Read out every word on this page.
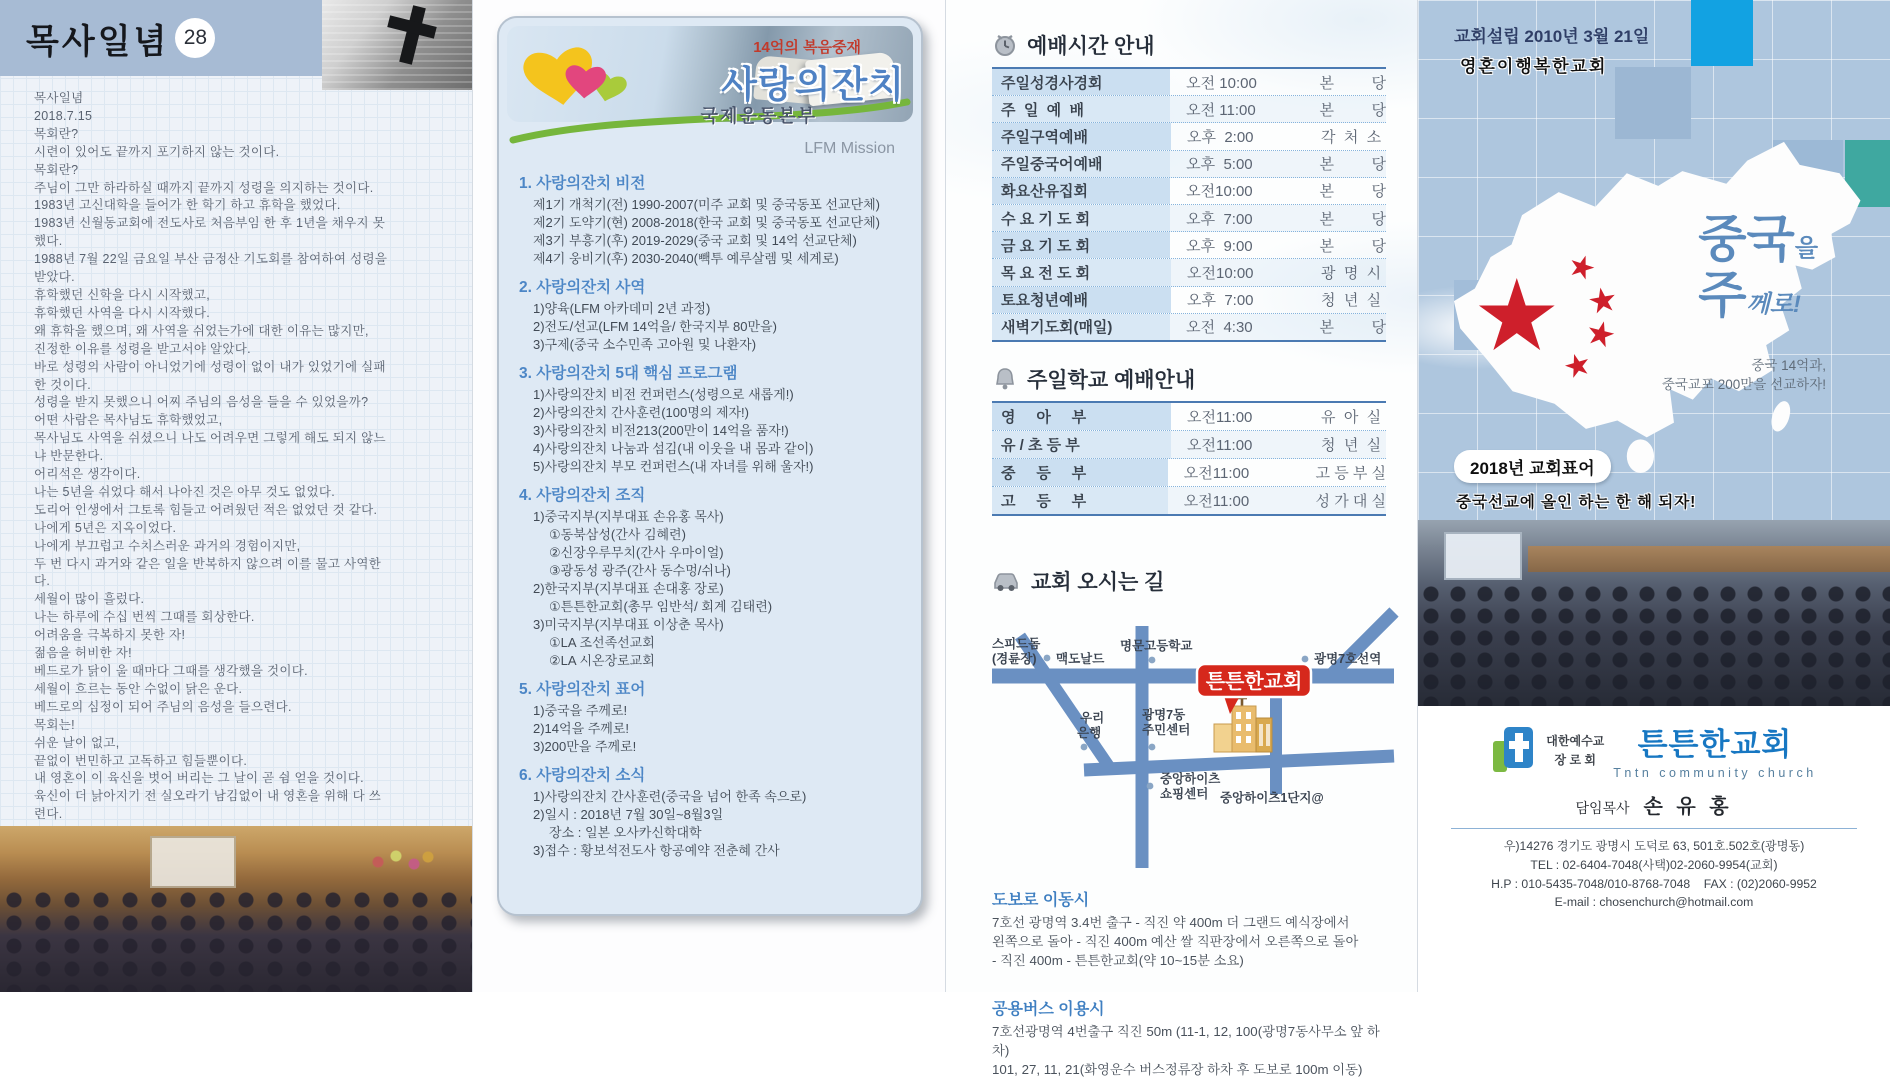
목사일념 28
목사일념
2018.7.15
목회란?
시련이 있어도 끝까지 포기하지 않는 것이다.
목회란?
주님이 그만 하라하실 때까지 끝까지 성령을 의지하는 것이다.
1983년 고신대학을 들어가 한 학기 하고 휴학을 했었다.
1983년 신월동교회에 전도사로 처음부임 한 후 1년을 채우지 못
했다.
1988년 7월 22일 금요일 부산 금정산 기도회를 참여하여 성령을
받았다.
휴학했던 신학을 다시 시작했고,
휴학했던 사역을 다시 시작했다.
왜 휴학을 했으며, 왜 사역을 쉬었는가에 대한 이유는 많지만,
진정한 이유를 성령을 받고서야 알았다.
바로 성령의 사람이 아니었기에 성령이 없이 내가 있었기에 실패
한 것이다.
성령을 받지 못했으니 어찌 주님의 음성을 들을 수 있었을까?
어떤 사람은 목사님도 휴학했었고,
목사님도 사역을 쉬셨으니 나도 어려우면 그렇게 해도 되지 않느
냐 반문한다.
어리석은 생각이다.
나는 5년을 쉬었다 해서 나아진 것은 아무 것도 없었다.
도리어 인생에서 그토록 힘들고 어려웠던 적은 없었던 것 같다.
나에게 5년은 지옥이었다.
나에게 부끄럽고 수치스러운 과거의 경험이지만,
두 번 다시 과거와 같은 일을 반복하지 않으려 이를 물고 사역한
다.
세월이 많이 흘렀다.
나는 하루에 수십 번씩 그때를 회상한다.
어려움을 극복하지 못한 자!
젊음을 허비한 자!
베드로가 닭이 울 때마다 그때를 생각했을 것이다.
세월이 흐르는 동안 수없이 닭은 운다.
베드로의 심정이 되어 주님의 음성을 들으련다.
목회는!
쉬운 날이 없고,
끝없이 번민하고 고독하고 힘들뿐이다.
내 영혼이 이 육신을 벗어 버리는 그 날이 곧 쉼 얻을 것이다.
육신이 더 낡아지기 전 실오라기 남김없이 내 영혼을 위해 다 쓰
련다.
14억의 복음중재
사랑의잔치
국제운동본부
LFM Mission
1. 사랑의잔치 비전
제1기 개척기(전) 1990-2007(미주 교회 및 중국동포 선교단체)
제2기 도약기(현) 2008-2018(한국 교회 및 중국동포 선교단체)
제3기 부흥기(후) 2019-2029(중국 교회 및 14억 선교단체)
제4기 웅비기(후) 2030-2040(빽투 예루살렘 및 세계로)
2. 사랑의잔치 사역
1)양육(LFM 아카데미 2년 과정)
2)전도/선교(LFM 14억을/ 한국지부 80만을)
3)구제(중국 소수민족 고아원 및 나환자)
3. 사랑의잔치 5대 핵심 프로그램
1)사랑의잔치 비전 컨퍼런스(성령으로 새롭게!)
2)사랑의잔치 간사훈련(100명의 제자!)
3)사랑의잔치 비전213(200만이 14억을 품자!)
4)사랑의잔치 나눔과 섬김(내 이웃을 내 몸과 같이)
5)사랑의잔치 부모 컨퍼런스(내 자녀를 위해 울자!)
4. 사랑의잔치 조직
1)중국지부(지부대표 손유홍 목사)
①동북삼성(간사 김혜련)
②신장우루무치(간사 우마이얼)
③광동성 광주(간사 동수멍/쉬나)
2)한국지부(지부대표 손대홍 장로)
①튼튼한교회(총무 임반석/ 회계 김태련)
3)미국지부(지부대표 이상춘 목사)
①LA 조선족선교회
②LA 시온장로교회
5. 사랑의잔치 표어
1)중국을 주께로!
2)14억을 주께로!
3)200만을 주께로!
6. 사랑의잔치 소식
1)사랑의잔치 간사훈련(중국을 넘어 한족 속으로)
2)일시 : 2018년 7월 30일~8월3일
장소 : 일본 오사카신학대학
3)접수 : 황보석전도사 항공예약 전춘혜 간사
예배시간 안내
주일성경사경회	오전 10:00	본         당
주  일  예  배	오전 11:00	본         당
주일구역예배	오후  2:00	각  처  소
주일중국어예배	오후  5:00	본         당
화요산유집회	오전10:00	본         당
수 요 기 도 회	오후  7:00	본         당
금 요 기 도 회	오후  9:00	본         당
목 요 전 도 회	오전10:00	광  명  시
토요청년예배	오후  7:00	청  년  실
새벽기도회(매일)	오전  4:30	본         당
주일학교 예배안내
영     아     부	오전11:00	유  아  실
유 / 초 등 부	오전11:00	청  년  실
중     등     부	오전11:00	고 등 부 실
고     등     부	오전11:00	성 가 대 실
교회 오시는 길
스피드돔
(경륜장) 맥도날드
명문고등학교
광명7호선역
광명7동
주민센터
우리
은행
중앙하이츠
쇼핑센터 중앙하이츠1단지@
튼튼한교회
도보로 이동시
7호선 광명역 3.4번 출구 - 직진 약 400m 더 그랜드 예식장에서
왼쪽으로 돌아 - 직진 400m 예산 쌀 직판장에서 오른쪽으로 돌아
- 직진 400m - 튼튼한교회(약 10~15분 소요)
공용버스 이용시
7호선광명역 4번출구 직진 50m (11-1, 12, 100(광명7동사무소 앞 하차)
101, 27, 11, 21(화영운수 버스정류장 하차 후 도보로 100m 이동)
교회설립 2010년 3월 21일
영혼이행복한교회
중국을
주께로!
중국 14억과,
중국교포 200만을 선교하자!
2018년 교회표어
중국선교에 올인 하는 한 해 되자!
대한예수교
장 로 회	튼튼한교회
Tntn community church
담임목사 손 유 홍
우)14276 경기도 광명시 도덕로 63, 501호.502호(광명동)
TEL : 02-6404-7048(사택)02-2060-9954(교회)
H.P : 010-5435-7048/010-8768-7048    FAX : (02)2060-9952
E-mail : chosenchurch@hotmail.com
